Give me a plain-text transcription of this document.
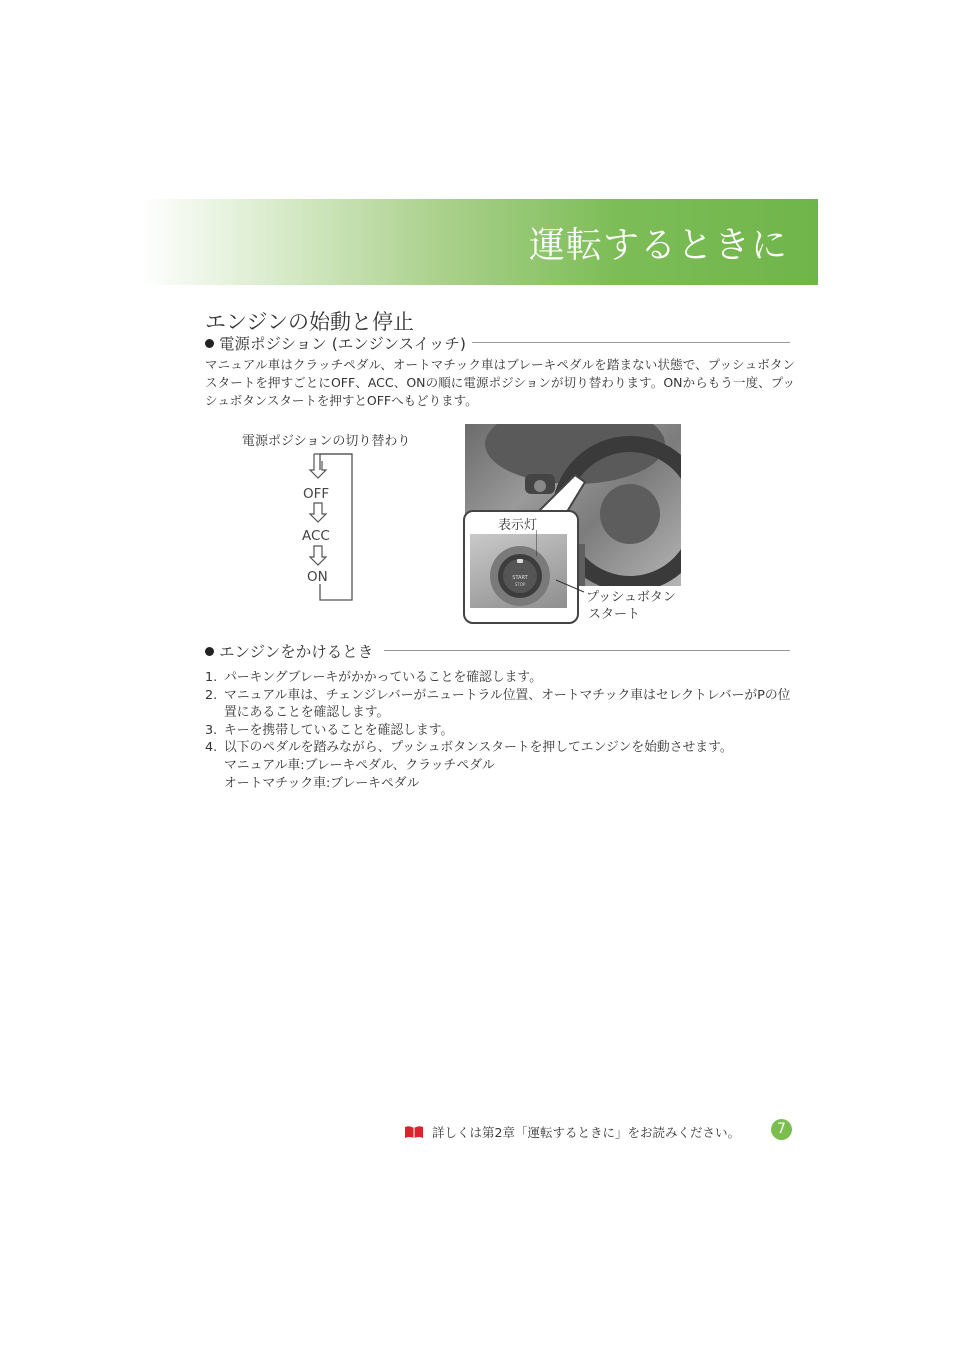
運転するときに
エンジンの始動と停止
電源ポジション (エンジンスイッチ)
マニュアル車はクラッチペダル、オートマチック車はブレーキペダルを踏まない状態で、プッシュボタンスタートを押すごとにOFF、ACC、ONの順に電源ポジションが切り替わります。ONからもう一度、プッシュボタンスタートを押すとOFFへもどります。
電源ポジションの切り替わり
OFF
ACC
ON
表示灯
START
STOP
プッシュボタン
スタート
エンジンをかけるとき
1. パーキングブレーキがかかっていることを確認します。
2. マニュアル車は、チェンジレバーがニュートラル位置、オートマチック車はセレクトレバーがPの位
置にあることを確認します。
3. キーを携帯していることを確認します。
4. 以下のペダルを踏みながら、プッシュボタンスタートを押してエンジンを始動させます。
マニュアル車:ブレーキペダル、クラッチペダル
オートマチック車:ブレーキペダル
詳しくは第2章「運転するときに」をお読みください。	7
